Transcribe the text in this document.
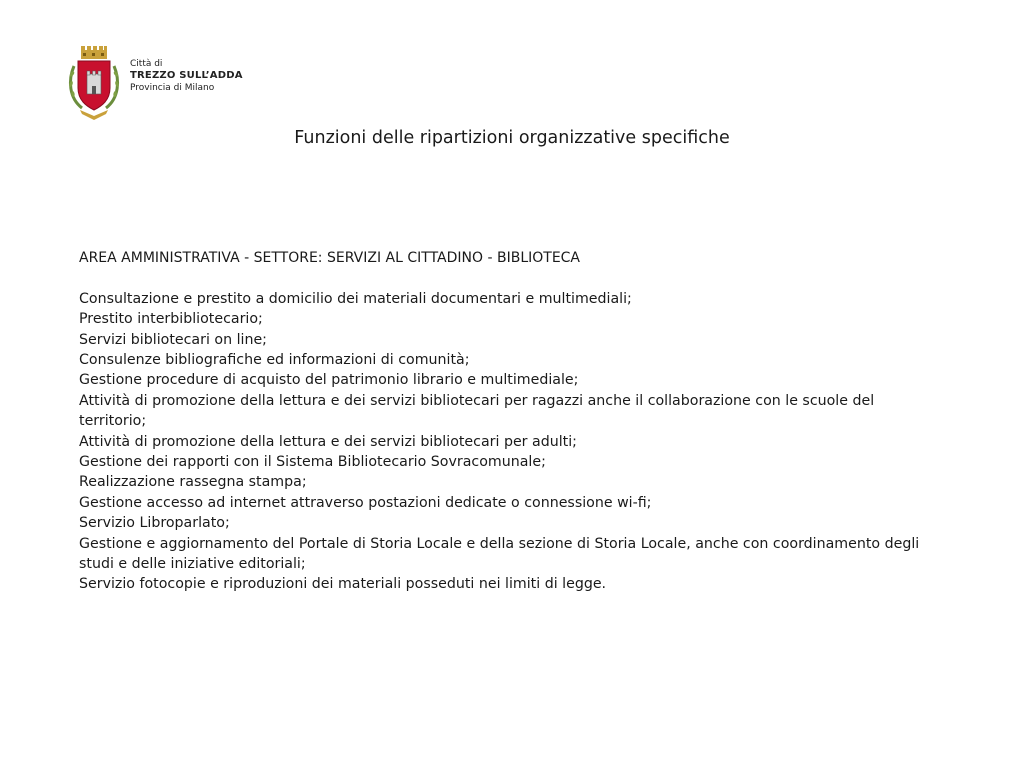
Città di
TREZZO SULL’ADDA
Provincia di Milano
Funzioni delle ripartizioni organizzative specifiche

AREA AMMINISTRATIVA - SETTORE: SERVIZI AL CITTADINO - BIBLIOTECA

Consultazione e prestito a domicilio dei materiali documentari e multimediali;
Prestito interbibliotecario;
Servizi bibliotecari on line;
Consulenze bibliografiche ed informazioni di comunità;
Gestione procedure di acquisto del patrimonio librario e multimediale;
Attività di promozione della lettura e dei servizi bibliotecari per ragazzi anche il collaborazione con le scuole del territorio;
Attività di promozione della lettura e dei servizi bibliotecari per adulti;
Gestione dei rapporti con il Sistema Bibliotecario Sovracomunale;
Realizzazione rassegna stampa;
Gestione accesso ad internet attraverso postazioni dedicate o connessione wi-fi;
Servizio Libroparlato;
Gestione e aggiornamento del Portale di Storia Locale e della sezione di Storia Locale, anche con coordinamento degli studi e delle iniziative editoriali;
Servizio fotocopie e riproduzioni dei materiali posseduti nei limiti di legge.
